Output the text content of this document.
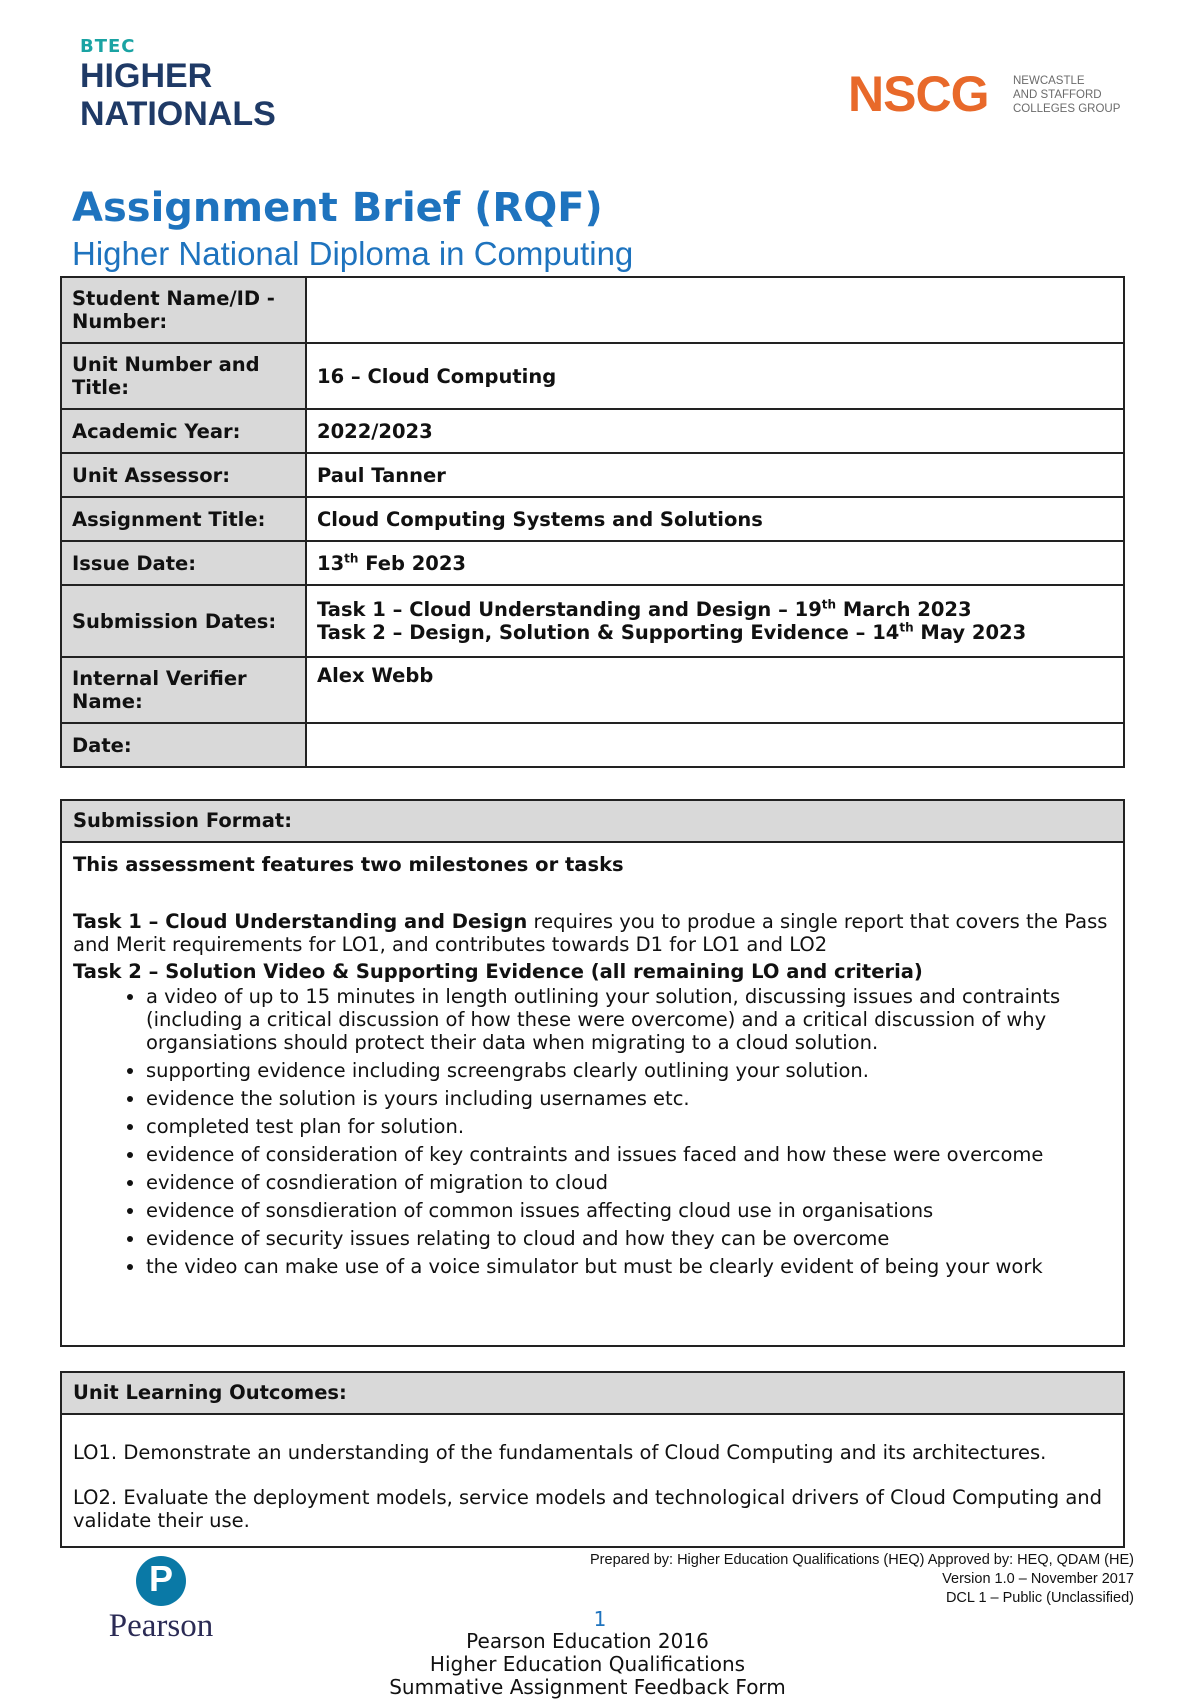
BTEC
HIGHER
NATIONALS	NSCG NEWCASTLE
AND STAFFORD
COLLEGES GROUP
Assignment Brief (RQF)
Higher National Diploma in Computing
Student Name/ID - Number:	
Unit Number and Title:	16 – Cloud Computing
Academic Year:	2022/2023
Unit Assessor:	Paul Tanner
Assignment Title:	Cloud Computing Systems and Solutions
Issue Date:	13th Feb 2023
Submission Dates:	Task 1 – Cloud Understanding and Design – 19th March 2023
Task 2 – Design, Solution & Supporting Evidence – 14th May 2023

Internal Verifier Name:	Alex Webb
Date:	
Submission Format:
This assessment features two milestones or tasks
Task 1 – Cloud Understanding and Design requires you to produe a single report that covers the Pass and Merit requirements for LO1, and contributes towards D1 for LO1 and LO2
Task 2 – Solution Video & Supporting Evidence (all remaining LO and criteria)
• a video of up to 15 minutes in length outlining your solution, discussing issues and contraints (including a critical discussion of how these were overcome) and a critical discussion of why organsiations should protect their data when migrating to a cloud solution.
• supporting evidence including screengrabs clearly outlining your solution.
• evidence the solution is yours including usernames etc.
• completed test plan for solution.
• evidence of consideration of key contraints and issues faced and how these were overcome
• evidence of cosndieration of migration to cloud
• evidence of sonsdieration of common issues affecting cloud use in organisations
• evidence of security issues relating to cloud and how they can be overcome
• the video can make use of a voice simulator but must be clearly evident of being your work
Unit Learning Outcomes:
LO1. Demonstrate an understanding of the fundamentals of Cloud Computing and its architectures.
LO2. Evaluate the deployment models, service models and technological drivers of Cloud Computing and validate their use.
Prepared by: Higher Education Qualifications (HEQ) Approved by: HEQ, QDAM (HE)
Version 1.0 – November 2017
DCL 1 – Public (Unclassified)
P
Pearson	1
Pearson Education 2016
Higher Education Qualifications
Summative Assignment Feedback Form
